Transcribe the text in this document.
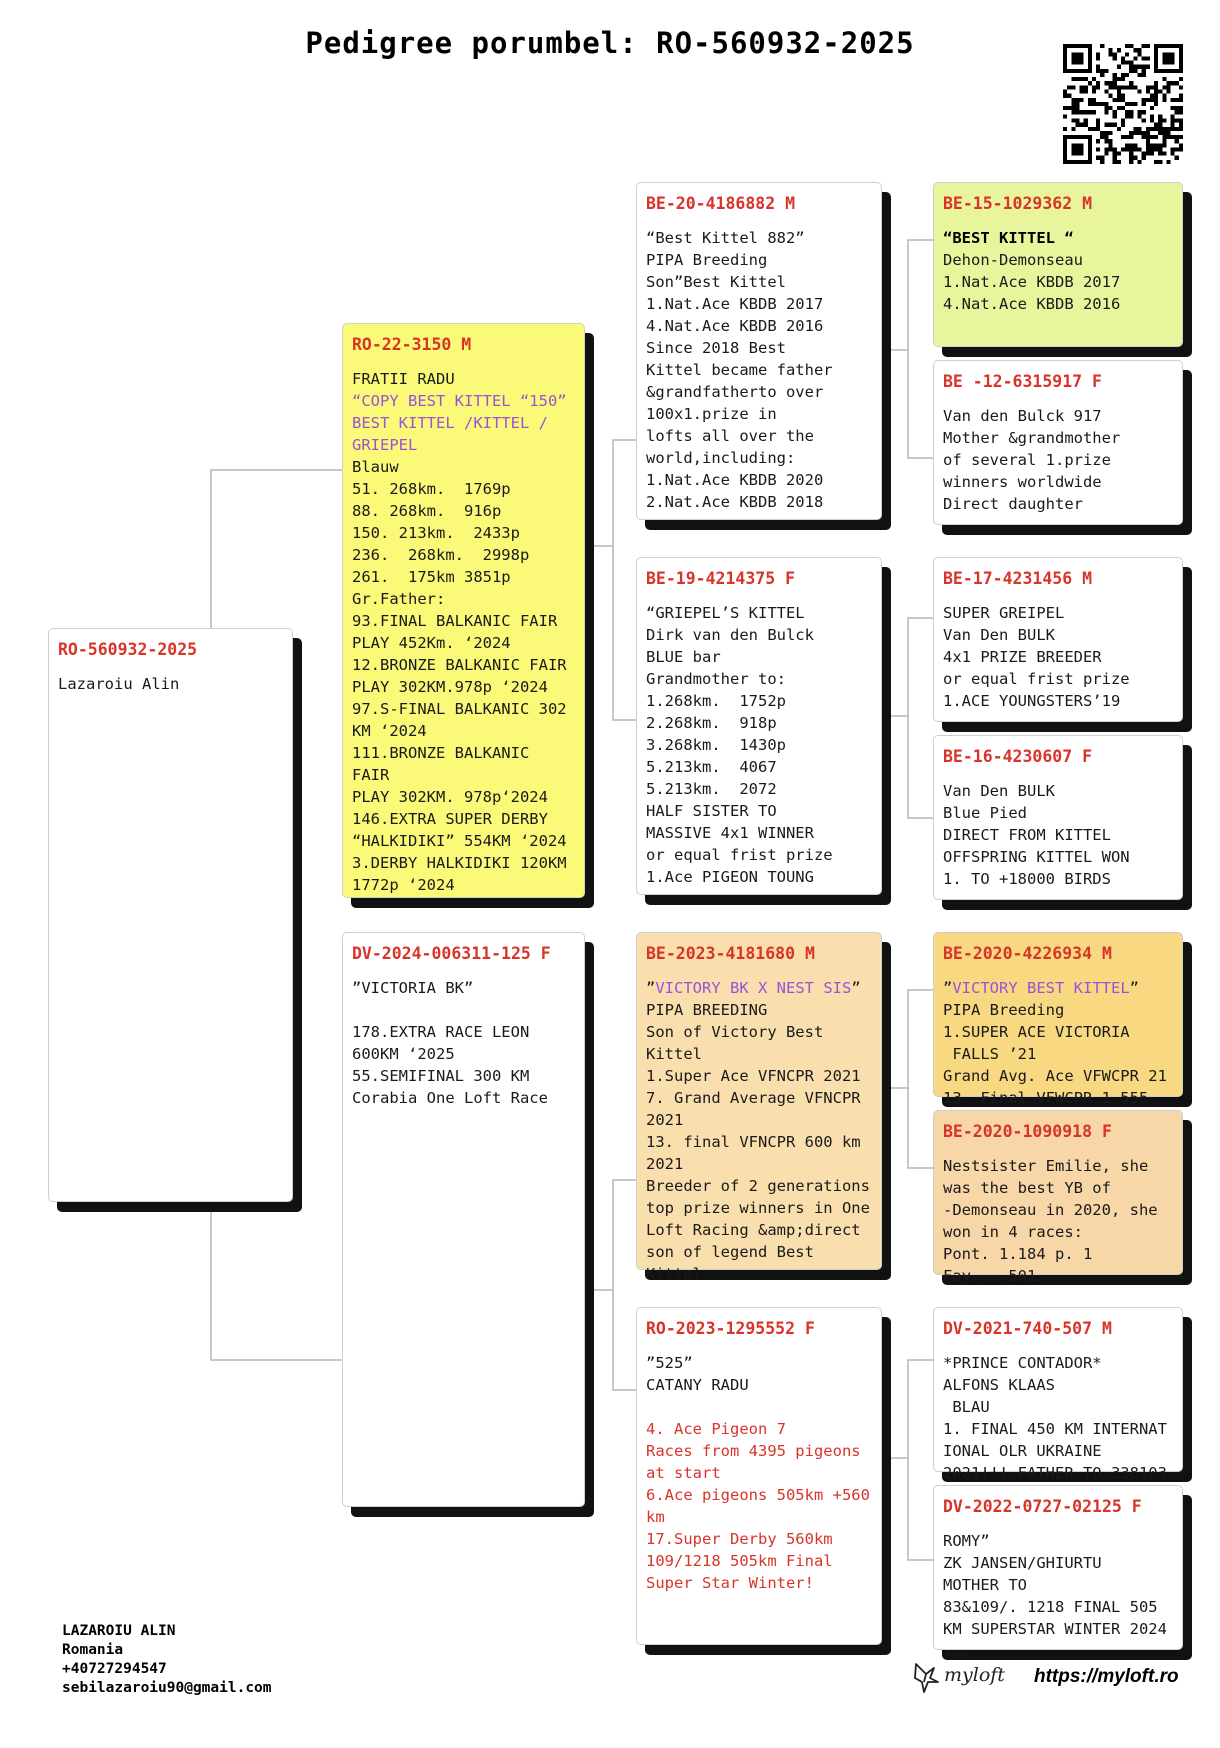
Pedigree porumbel: RO-560932-2025
RO-560932-2025
Lazaroiu Alin
RO-22-3150 M
FRATII RADU
“COPY BEST KITTEL “150”
BEST KITTEL /KITTEL /
GRIEPEL
Blauw
51. 268km.  1769p
88. 268km.  916p
150. 213km.  2433p
236.  268km.  2998p
261.  175km 3851p
Gr.Father:
93.FINAL BALKANIC FAIR
PLAY 452Km. ‘2024
12.BRONZE BALKANIC FAIR
PLAY 302KM.978p ‘2024
97.S-FINAL BALKANIC 302
KM ‘2024
111.BRONZE BALKANIC FAIR
PLAY 302KM. 978p‘2024
146.EXTRA SUPER DERBY
“HALKIDIKI” 554KM ‘2024
3.DERBY HALKIDIKI 120KM
1772p ‘2024
DV-2024-006311-125 F
”VICTORIA BK”

178.EXTRA RACE LEON
600KM ‘2025
55.SEMIFINAL 300 KM
Corabia One Loft Race
BE-20-4186882 M
“Best Kittel 882”
PIPA Breeding
Son”Best Kittel
1.Nat.Ace KBDB 2017
4.Nat.Ace KBDB 2016
Since 2018 Best
Kittel became father
&grandfatherto over
100x1.prize in
lofts all over the
world,including:
1.Nat.Ace KBDB 2020
2.Nat.Ace KBDB 2018
BE-19-4214375 F
“GRIEPEL’S KITTEL
Dirk van den Bulck
BLUE bar
Grandmother to:
1.268km.  1752p
2.268km.  918p
3.268km.  1430p
5.213km.  4067
5.213km.  2072
HALF SISTER TO
MASSIVE 4x1 WINNER
or equal frist prize
1.Ace PIGEON TOUNG
BE-2023-4181680 M
”VICTORY BK X NEST SIS”
PIPA BREEDING
Son of Victory Best
Kittel
1.Super Ace VFNCPR 2021
7. Grand Average VFNCPR
2021
13. final VFNCPR 600 km
2021
Breeder of 2 generations
top prize winners in One
Loft Racing &amp;direct
son of legend Best
Kittel
RO-2023-1295552 F
”525”
CATANY RADU

4. Ace Pigeon 7
Races from 4395 pigeons
at start
6.Ace pigeons 505km +560
km
17.Super Derby 560km
109/1218 505km Final
Super Star Winter!
BE-15-1029362 M
“BEST KITTEL “
Dehon-Demonseau
1.Nat.Ace KBDB 2017
4.Nat.Ace KBDB 2016
BE -12-6315917 F
Van den Bulck 917
Mother &grandmother
of several 1.prize
winners worldwide
Direct daughter
BE-17-4231456 M
SUPER GREIPEL
Van Den BULK
4x1 PRIZE BREEDER
or equal frist prize
1.ACE YOUNGSTERS’19
BE-16-4230607 F
Van Den BULK
Blue Pied
DIRECT FROM KITTEL
OFFSPRING KITTEL WON
1. TO +18000 BIRDS
BE-2020-4226934 M
”VICTORY BEST KITTEL”
PIPA Breeding
1.SUPER ACE VICTORIA
FALLS ’21
Grand Avg. Ace VFWCPR 21
13. Final VFWCPR 1 555
BE-2020-1090918 F
Nestsister Emilie, she
was the best YB of
-Demonseau in 2020, she
won in 4 races:
Pont. 1.184 p. 1
Fay... 501
DV-2021-740-507 M
*PRINCE CONTADOR*
ALFONS KLAAS
BLAU
1. FINAL 450 KM INTERNAT
IONAL OLR UKRAINE
2021!!! FATHER TO 338103
DV-2022-0727-02125 F
ROMY”
ZK JANSEN/GHIURTU
MOTHER TO
83&109/. 1218 FINAL 505
KM SUPERSTAR WINTER 2024
...
LAZAROIU ALIN
Romania
+40727294547
sebilazaroiu90@gmail.com
myloft https://myloft.ro
